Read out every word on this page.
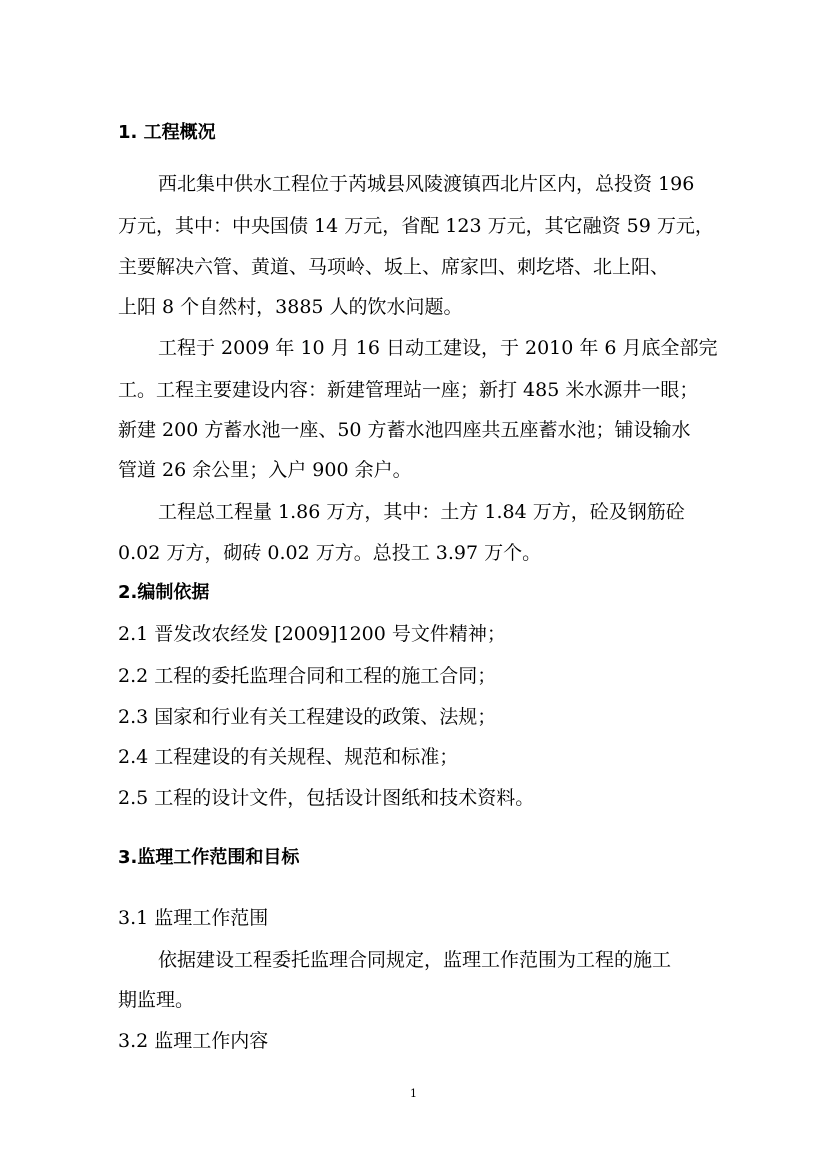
1. 工程概况
西北集中供水工程位于芮城县风陵渡镇西北片区内，总投资 196
万元，其中：中央国债 14 万元，省配 123 万元，其它融资 59 万元，
主要解决六管、黄道、马项岭、坂上、席家凹、刺圪塔、北上阳、
上阳 8 个自然村，3885 人的饮水问题。
工程于 2009 年 10 月 16 日动工建设，于 2010 年 6 月底全部完
工。工程主要建设内容：新建管理站一座；新打 485 米水源井一眼；
新建 200 方蓄水池一座、50 方蓄水池四座共五座蓄水池；铺设输水
管道 26 余公里；入户 900 余户。
工程总工程量 1.86 万方，其中：土方 1.84 万方，砼及钢筋砼
0.02 万方，砌砖 0.02 万方。总投工 3.97 万个。
2.编制依据
2.1 晋发改农经发 [2009]1200 号文件精神；
2.2 工程的委托监理合同和工程的施工合同；
2.3 国家和行业有关工程建设的政策、法规；
2.4 工程建设的有关规程、规范和标准；
2.5 工程的设计文件，包括设计图纸和技术资料。
3.监理工作范围和目标
3.1 监理工作范围
依据建设工程委托监理合同规定，监理工作范围为工程的施工
期监理。
3.2 监理工作内容
1
